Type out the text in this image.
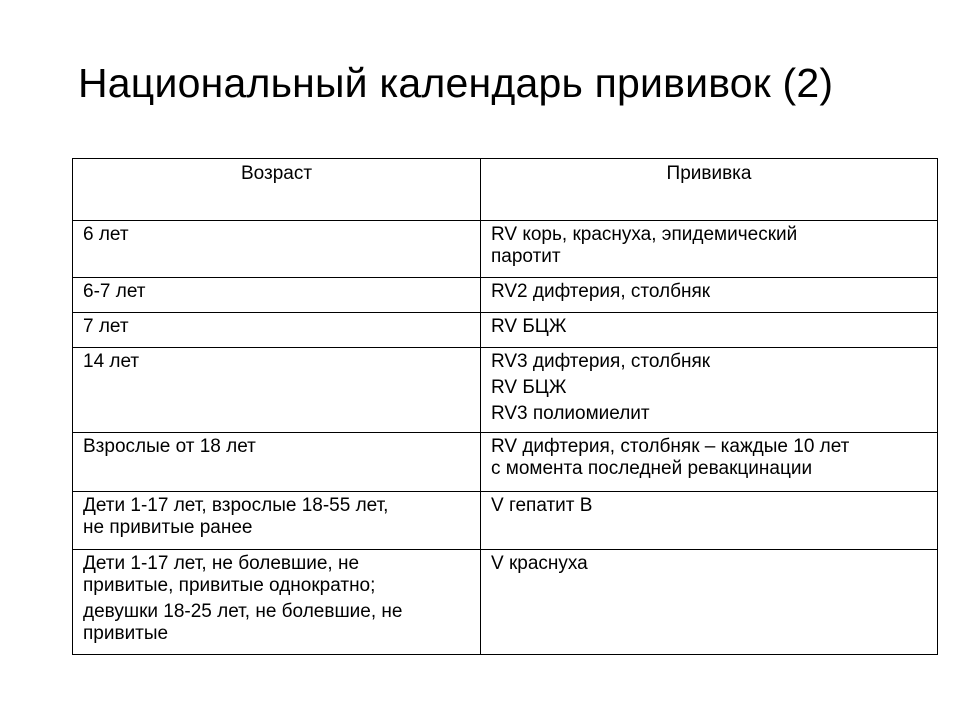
Национальный календарь прививок (2)
Возраст	Прививка

6 лет	RV корь, краснуха, эпидемический
паротит

6-7 лет	RV2 дифтерия, столбняк

7 лет	RV БЦЖ

14 лет	RV3 дифтерия, столбняк
RV БЦЖ
RV3 полиомиелит

Взрослые от 18 лет	RV дифтерия, столбняк – каждые 10 лет
с момента последней ревакцинации

Дети 1-17 лет, взрослые 18-55 лет,
не привитые ранее	V гепатит В

Дети 1-17 лет, не болевшие, не
привитые, привитые однократно;
девушки 18-25 лет, не болевшие, не
привитые	V краснуха
